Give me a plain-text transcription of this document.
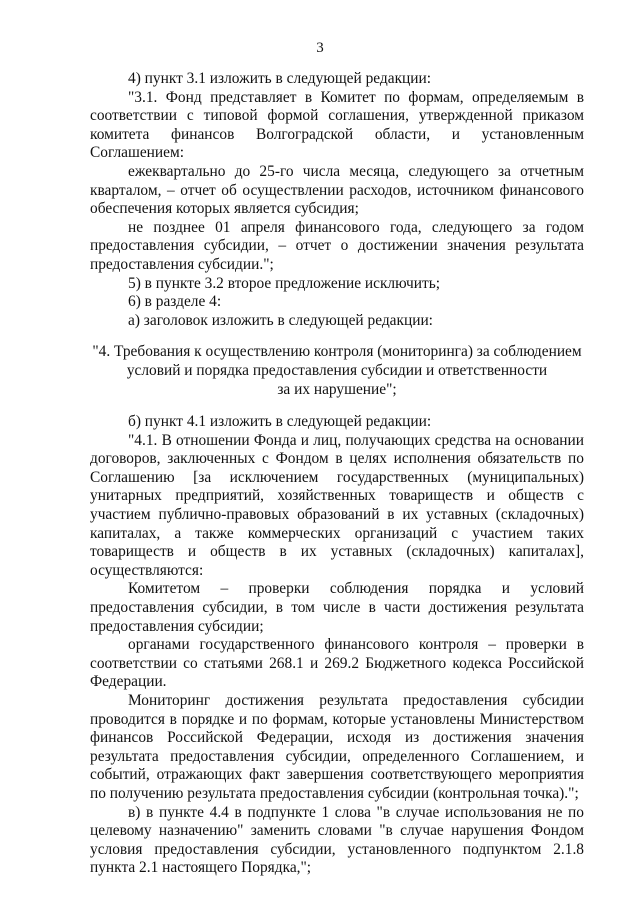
3

4) пункт 3.1 изложить в следующей редакции:

"3.1. Фонд представляет в Комитет по формам, определяемым в соответствии с типовой формой соглашения, утвержденной приказом комитета финансов Волгоградской области, и установленным Соглашением:

ежеквартально до 25-го числа месяца, следующего за отчетным кварталом, – отчет об осуществлении расходов, источником финансового обеспечения которых является субсидия;

не позднее 01 апреля финансового года, следующего за годом предоставления субсидии, – отчет о достижении значения результата предоставления субсидии.";

5) в пункте 3.2 второе предложение исключить;

6) в разделе 4:

а) заголовок изложить в следующей редакции:

"4. Требования к осуществлению контроля (мониторинга) за соблюдением
условий и порядка предоставления субсидии и ответственности
за их нарушение";

б) пункт 4.1 изложить в следующей редакции:

"4.1. В отношении Фонда и лиц, получающих средства на основании договоров, заключенных с Фондом в целях исполнения обязательств по Соглашению [за исключением государственных (муниципальных) унитарных предприятий, хозяйственных товариществ и обществ с участием публично-правовых образований в их уставных (складочных) капиталах, а также коммерческих организаций с участием таких товариществ и обществ в их уставных (складочных) капиталах], осуществляются:

Комитетом – проверки соблюдения порядка и условий предоставления субсидии, в том числе в части достижения результата предоставления субсидии;

органами государственного финансового контроля – проверки в соответствии со статьями 268.1 и 269.2 Бюджетного кодекса Российской Федерации.

Мониторинг достижения результата предоставления субсидии проводится в порядке и по формам, которые установлены Министерством финансов Российской Федерации, исходя из достижения значения результата предоставления субсидии, определенного Соглашением, и событий, отражающих факт завершения соответствующего мероприятия по получению результата предоставления субсидии (контрольная точка).";

в) в пункте 4.4 в подпункте 1 слова "в случае использования не по целевому назначению" заменить словами "в случае нарушения Фондом условия предоставления субсидии, установленного подпунктом 2.1.8 пункта 2.1 настоящего Порядка,";
